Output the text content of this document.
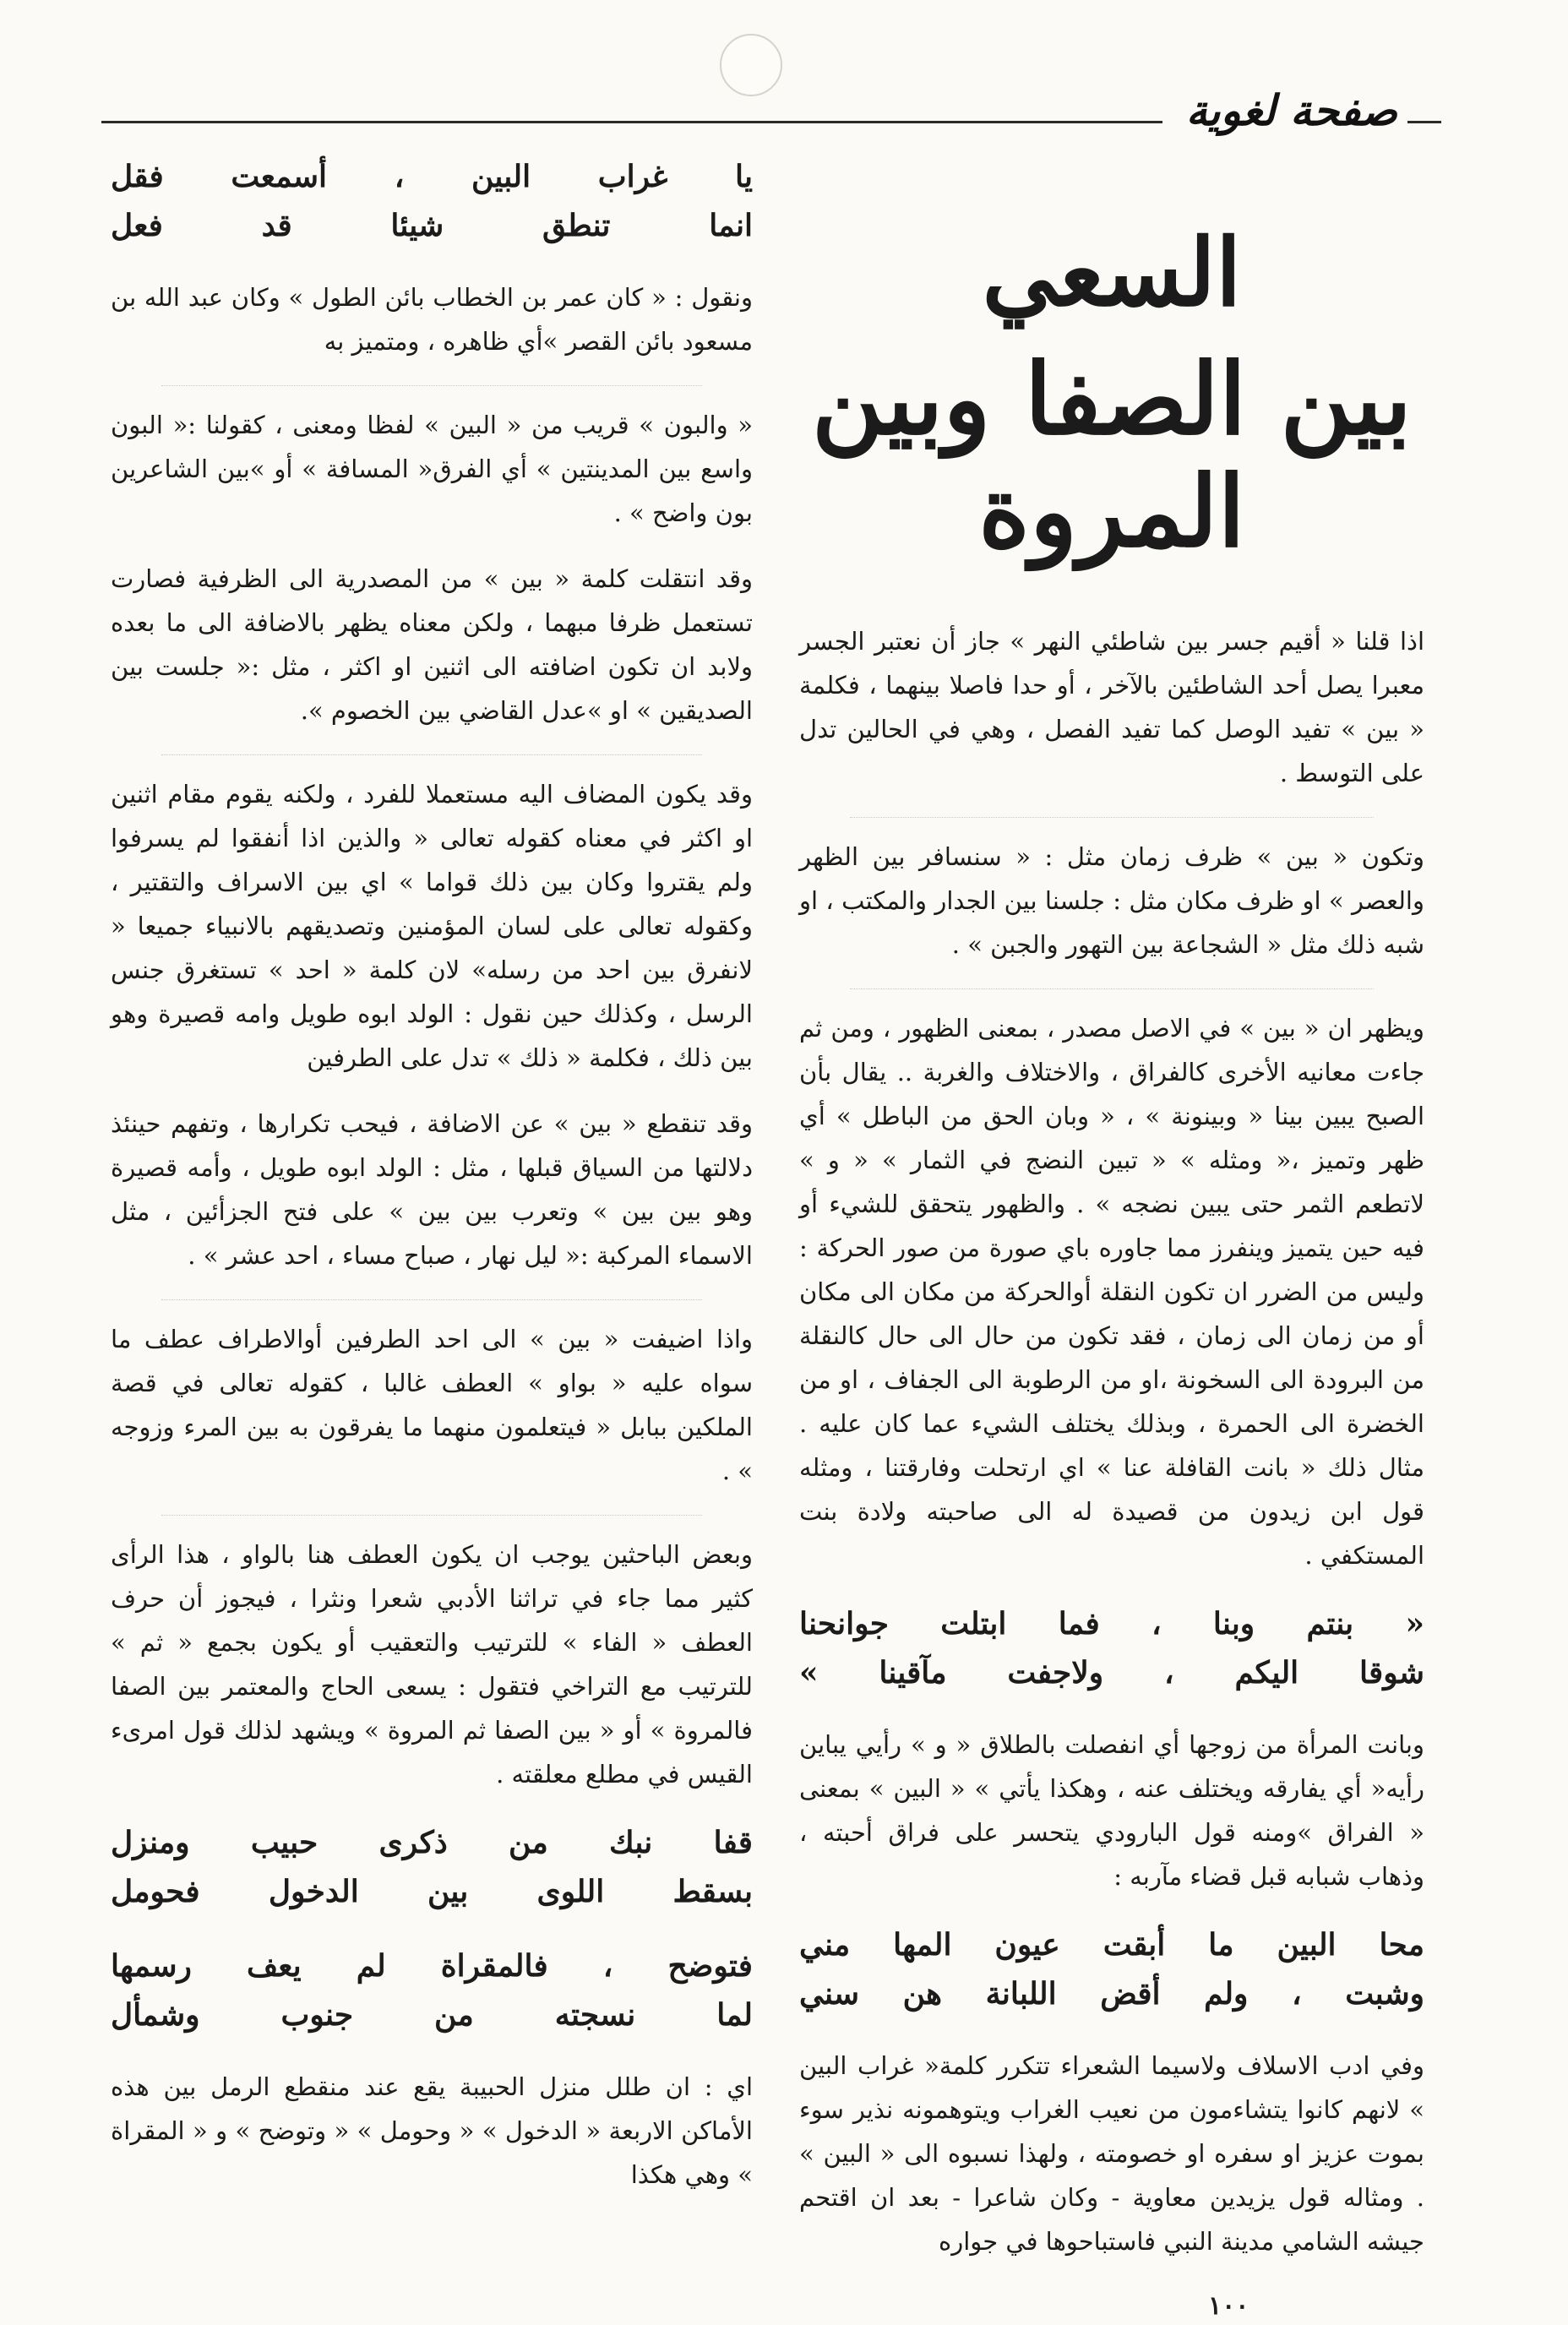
صفحة لغوية
السعي
بين الصفا وبين المروة

اذا قلنا « أقيم جسر بين شاطئي النهر » جاز أن نعتبر الجسر معبرا يصل أحد الشاطئين بالآخر ، أو حدا فاصلا بينهما ، فكلمة « بين » تفيد الوصل كما تفيد الفصل ، وهي في الحالين تدل على التوسط .

وتكون « بين » ظرف زمان مثل : « سنسافر بين الظهر والعصر » او ظرف مكان مثل : جلسنا بين الجدار والمكتب ، او شبه ذلك مثل « الشجاعة بين التهور والجبن » .

ويظهر ان « بين » في الاصل مصدر ، بمعنى الظهور ، ومن ثم جاءت معانيه الأخرى كالفراق ، والاختلاف والغربة .. يقال بأن الصبح يبين بينا « وبينونة » ، « وبان الحق من الباطل » أي ظهر وتميز ،« ومثله » « تبين النضج في الثمار » « و » لاتطعم الثمر حتى يبين نضجه » . والظهور يتحقق للشيء أو فيه حين يتميز وينفرز مما جاوره باي صورة من صور الحركة : وليس من الضرر ان تكون النقلة أوالحركة من مكان الى مكان أو من زمان الى زمان ، فقد تكون من حال الى حال كالنقلة من البرودة الى السخونة ،او من الرطوبة الى الجفاف ، او من الخضرة الى الحمرة ، وبذلك يختلف الشيء عما كان عليه . مثال ذلك « بانت القافلة عنا » اي ارتحلت وفارقتنا ، ومثله قول ابن زيدون من قصيدة له الى صاحبته ولادة بنت المستكفي .

« بنتم وبنا ، فما ابتلت جوانحنا
شوقا اليكم ، ولاجفت مآقينا »

وبانت المرأة من زوجها أي انفصلت بالطلاق « و » رأيي يباين رأيه« أي يفارقه ويختلف عنه ، وهكذا يأتي » « البين » بمعنى « الفراق »ومنه قول البارودي يتحسر على فراق أحبته ، وذهاب شبابه قبل قضاء مآربه :

محا البين ما أبقت عيون المها مني
وشبت ، ولم أقض اللبانة هن سني

وفي ادب الاسلاف ولاسيما الشعراء تتكرر كلمة« غراب البين » لانهم كانوا يتشاءمون من نعيب الغراب ويتوهمونه نذير سوء بموت عزيز او سفره او خصومته ، ولهذا نسبوه الى « البين » . ومثاله قول يزيدين معاوية - وكان شاعرا - بعد ان اقتحم جيشه الشامي مدينة النبي فاستباحوها في جواره

يا غراب البين ، أسمعت فقل
انما تنطق شيئا قد فعل

ونقول : « كان عمر بن الخطاب بائن الطول » وكان عبد الله بن مسعود بائن القصر »أي ظاهره ، ومتميز به

« والبون » قريب من « البين » لفظا ومعنى ، كقولنا :« البون واسع بين المدينتين » أي الفرق« المسافة » أو »بين الشاعرين بون واضح » .

وقد انتقلت كلمة « بين » من المصدرية الى الظرفية فصارت تستعمل ظرفا مبهما ، ولكن معناه يظهر بالاضافة الى ما بعده ولابد ان تكون اضافته الى اثنين او اكثر ، مثل :« جلست بين الصديقين » او »عدل القاضي بين الخصوم ».

وقد يكون المضاف اليه مستعملا للفرد ، ولكنه يقوم مقام اثنين او اكثر في معناه كقوله تعالى « والذين اذا أنفقوا لم يسرفوا ولم يقتروا وكان بين ذلك قواما » اي بين الاسراف والتقتير ، وكقوله تعالى على لسان المؤمنين وتصديقهم بالانبياء جميعا « لانفرق بين احد من رسله» لان كلمة « احد » تستغرق جنس الرسل ، وكذلك حين نقول : الولد ابوه طويل وامه قصيرة وهو بين ذلك ، فكلمة « ذلك » تدل على الطرفين

وقد تنقطع « بين » عن الاضافة ، فيحب تكرارها ، وتفهم حينئذ دلالتها من السياق قبلها ، مثل : الولد ابوه طويل ، وأمه قصيرة وهو بين بين » وتعرب بين بين » على فتح الجزأئين ، مثل الاسماء المركبة :« ليل نهار ، صباح مساء ، احد عشر » .

واذا اضيفت « بين » الى احد الطرفين أوالاطراف عطف ما سواه عليه « بواو » العطف غالبا ، كقوله تعالى في قصة الملكين ببابل « فيتعلمون منهما ما يفرقون به بين المرء وزوجه » .

وبعض الباحثين يوجب ان يكون العطف هنا بالواو ، هذا الرأى كثير مما جاء في تراثنا الأدبي شعرا ونثرا ، فيجوز أن حرف العطف « الفاء » للترتيب والتعقيب أو يكون بجمع « ثم » للترتيب مع التراخي فتقول : يسعى الحاج والمعتمر بين الصفا فالمروة » أو « بين الصفا ثم المروة » ويشهد لذلك قول امرىء القيس في مطلع معلقته .

قفا نبك من ذكرى حبيب ومنزل
بسقط اللوى بين الدخول فحومل
فتوضح ، فالمقراة لم يعف رسمها
لما نسجته من جنوب وشمأل

اي : ان طلل منزل الحبيبة يقع عند منقطع الرمل بين هذه الأماكن الاربعة « الدخول » « وحومل » « وتوضح » و « المقراة » وهي هكذا

١٠٠
